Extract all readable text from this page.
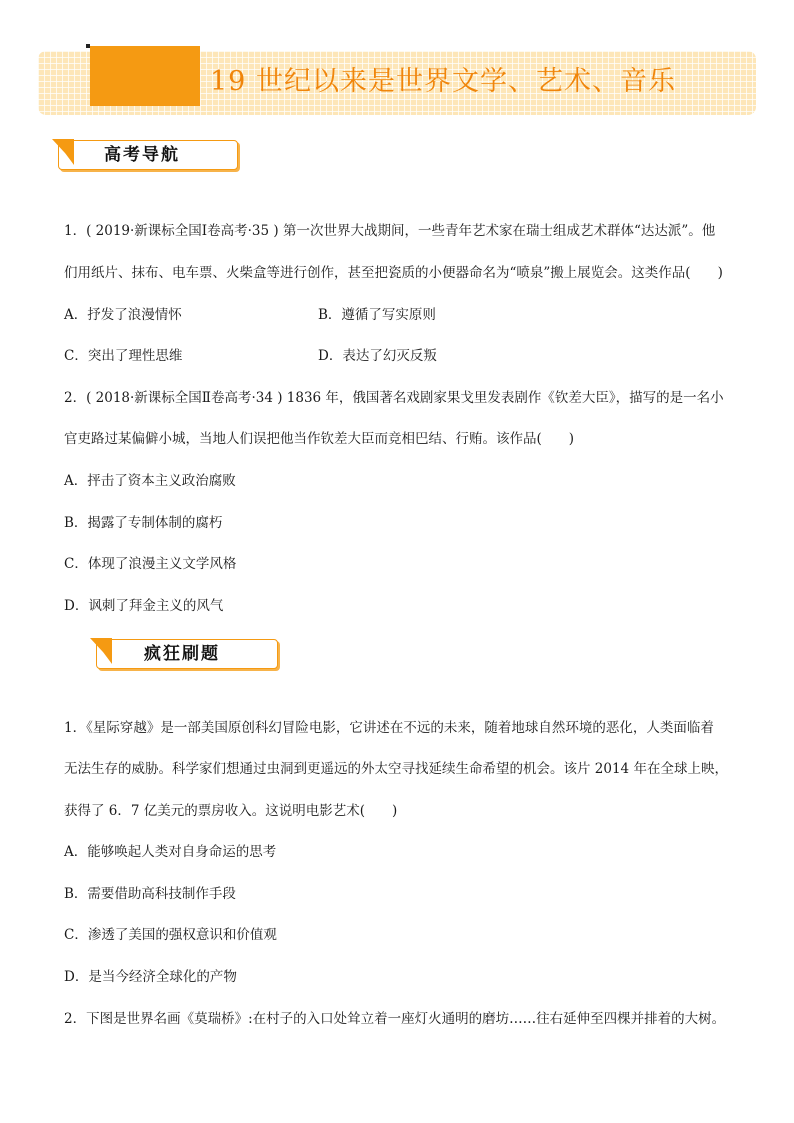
19 世纪以来是世界文学、艺术、音乐
高考导航
1．( 2019·新课标全国Ⅰ卷高考·35 ) 第一次世界大战期间，一些青年艺术家在瑞士组成艺术群体“达达派”。他
们用纸片、抹布、电车票、火柴盒等进行创作，甚至把瓷质的小便器命名为“喷泉”搬上展览会。这类作品(　　)
A．抒发了浪漫情怀	B．遵循了写实原则
C．突出了理性思维	D．表达了幻灭反叛
2．( 2018·新课标全国Ⅱ卷高考·34 ) 1836 年，俄国著名戏剧家果戈里发表剧作《钦差大臣》，描写的是一名小
官吏路过某偏僻小城，当地人们误把他当作钦差大臣而竞相巴结、行贿。该作品(　　)
A．抨击了资本主义政治腐败
B．揭露了专制体制的腐朽
C．体现了浪漫主义文学风格
D．讽刺了拜金主义的风气
疯狂刷题
1．《星际穿越》是一部美国原创科幻冒险电影，它讲述在不远的未来，随着地球自然环境的恶化，人类面临着
无法生存的威胁。科学家们想通过虫洞到更遥远的外太空寻找延续生命希望的机会。该片 2014 年在全球上映，
获得了 6．7 亿美元的票房收入。这说明电影艺术(　　)
A．能够唤起人类对自身命运的思考
B．需要借助高科技制作手段
C．渗透了美国的强权意识和价值观
D．是当今经济全球化的产物
2．下图是世界名画《莫瑞桥》:在村子的入口处耸立着一座灯火通明的磨坊……往右延伸至四棵并排着的大树。
